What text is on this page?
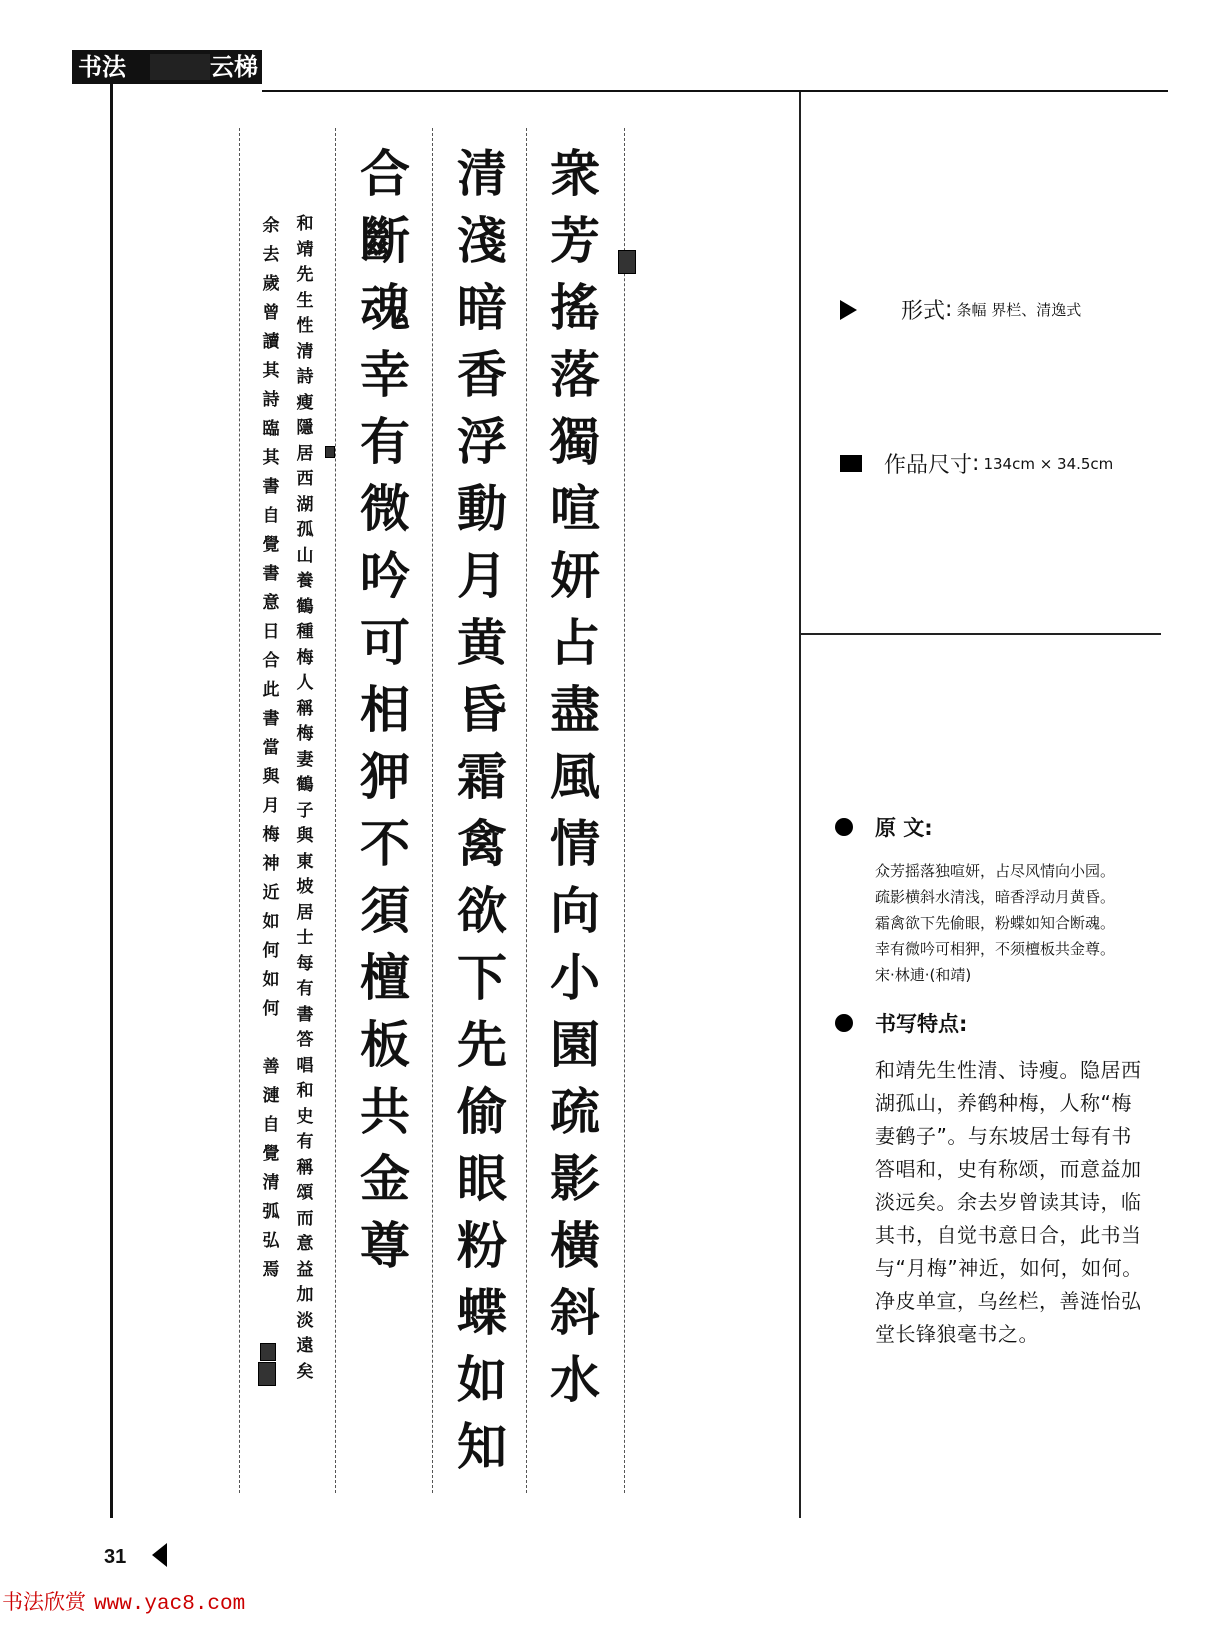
书法	云梯
衆
芳
搖
落
獨
喧
妍
占
盡
風
情
向
小
園
疏
影
橫
斜
水
清
淺
暗
香
浮
動
月
黄
昏
霜
禽
欲
下
先
偷
眼
粉
蝶
如
知
合
斷
魂
幸
有
微
吟
可
相
狎
不
須
檀
板
共
金
尊
和
靖
先
生
性
清
詩
瘦
隱
居
西
湖
孤
山
養
鶴
種
梅
人
稱
梅
妻
鶴
子
與
東
坡
居
士
每
有
書
答
唱
和
史
有
稱
頌
而
意
益
加
淡
遠
矣
余
去
歲
曾
讀
其
詩
臨
其
書
自
覺
書
意
日
合
此
書
當
與
月
梅
神
近
如
何
如
何

善
漣
自
覺
清
弧
弘
焉
形式 : 条幅 界栏、清逸式
作品尺寸 : 134cm × 34.5cm
原 文:
众芳摇落独喧妍，占尽风情向小园。
疏影横斜水清浅，暗香浮动月黄昏。
霜禽欲下先偷眼，粉蝶如知合断魂。
幸有微吟可相狎，不须檀板共金尊。
宋·林逋·(和靖)
书写特点:
和靖先生性清、诗瘦。隐居西
湖孤山，养鹤种梅，人称“梅
妻鹤子”。与东坡居士每有书
答唱和，史有称颂，而意益加
淡远矣。余去岁曾读其诗，临
其书，自觉书意日合，此书当
与“月梅”神近，如何，如何。
净皮单宣，乌丝栏，善涟怡弘
堂长锋狼毫书之。
31
书法欣赏 www.yac8.com
